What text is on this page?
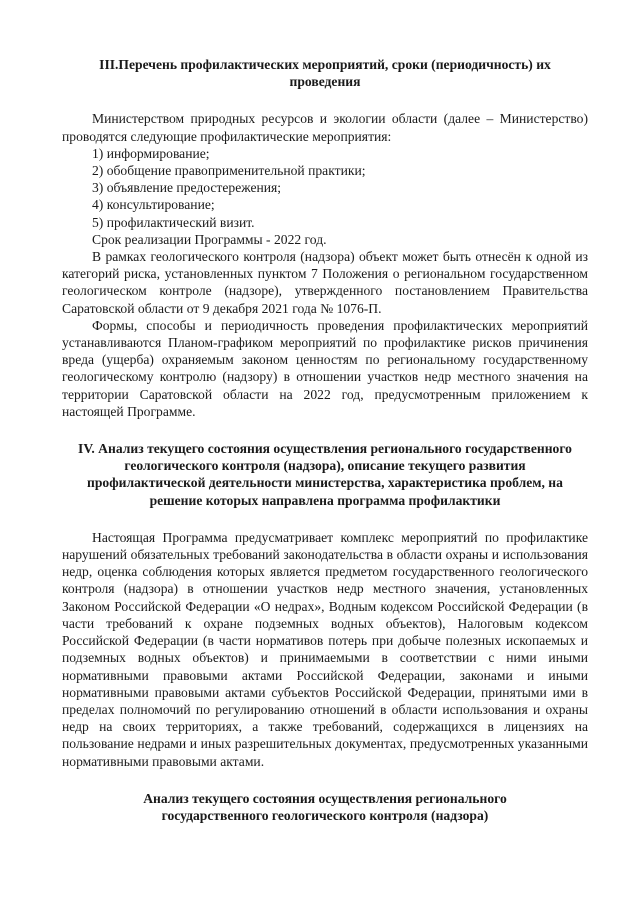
III.Перечень профилактических мероприятий, сроки (периодичность) их проведения

Министерством природных ресурсов и экологии области (далее – Министерство) проводятся следующие профилактические мероприятия:

1) информирование;

2) обобщение правоприменительной практики;

3) объявление предостережения;

4) консультирование;

5) профилактический визит.

Срок реализации Программы - 2022 год.

В рамках геологического контроля (надзора) объект может быть отнесён к одной из категорий риска, установленных пунктом 7 Положения о региональном государственном геологическом контроле (надзоре), утвержденного постановлением Правительства Саратовской области от 9 декабря 2021 года № 1076-П.

Формы, способы и периодичность проведения профилактических мероприятий устанавливаются Планом-графиком мероприятий по профилактике рисков причинения вреда (ущерба) охраняемым законом ценностям по региональному государственному геологическому контролю (надзору) в отношении участков недр местного значения на территории Саратовской области на 2022 год, предусмотренным приложением к настоящей Программе.

IV. Анализ текущего состояния осуществления регионального государственного геологического контроля (надзора), описание текущего развития профилактической деятельности министерства, характеристика проблем, на решение которых направлена программа профилактики

Настоящая Программа предусматривает комплекс мероприятий по профилактике нарушений обязательных требований законодательства в области охраны и использования недр, оценка соблюдения которых является предметом государственного геологического контроля (надзора) в отношении участков недр местного значения, установленных Законом Российской Федерации «О недрах», Водным кодексом Российской Федерации (в части требований к охране подземных водных объектов), Налоговым кодексом Российской Федерации (в части нормативов потерь при добыче полезных ископаемых и подземных водных объектов) и принимаемыми в соответствии с ними иными нормативными правовыми актами Российской Федерации, законами и иными нормативными правовыми актами субъектов Российской Федерации, принятыми ими в пределах полномочий по регулированию отношений в области использования и охраны недр на своих территориях, а также требований, содержащихся в лицензиях на пользование недрами и иных разрешительных документах, предусмотренных указанными нормативными правовыми актами.

Анализ текущего состояния осуществления регионального государственного геологического контроля (надзора)
